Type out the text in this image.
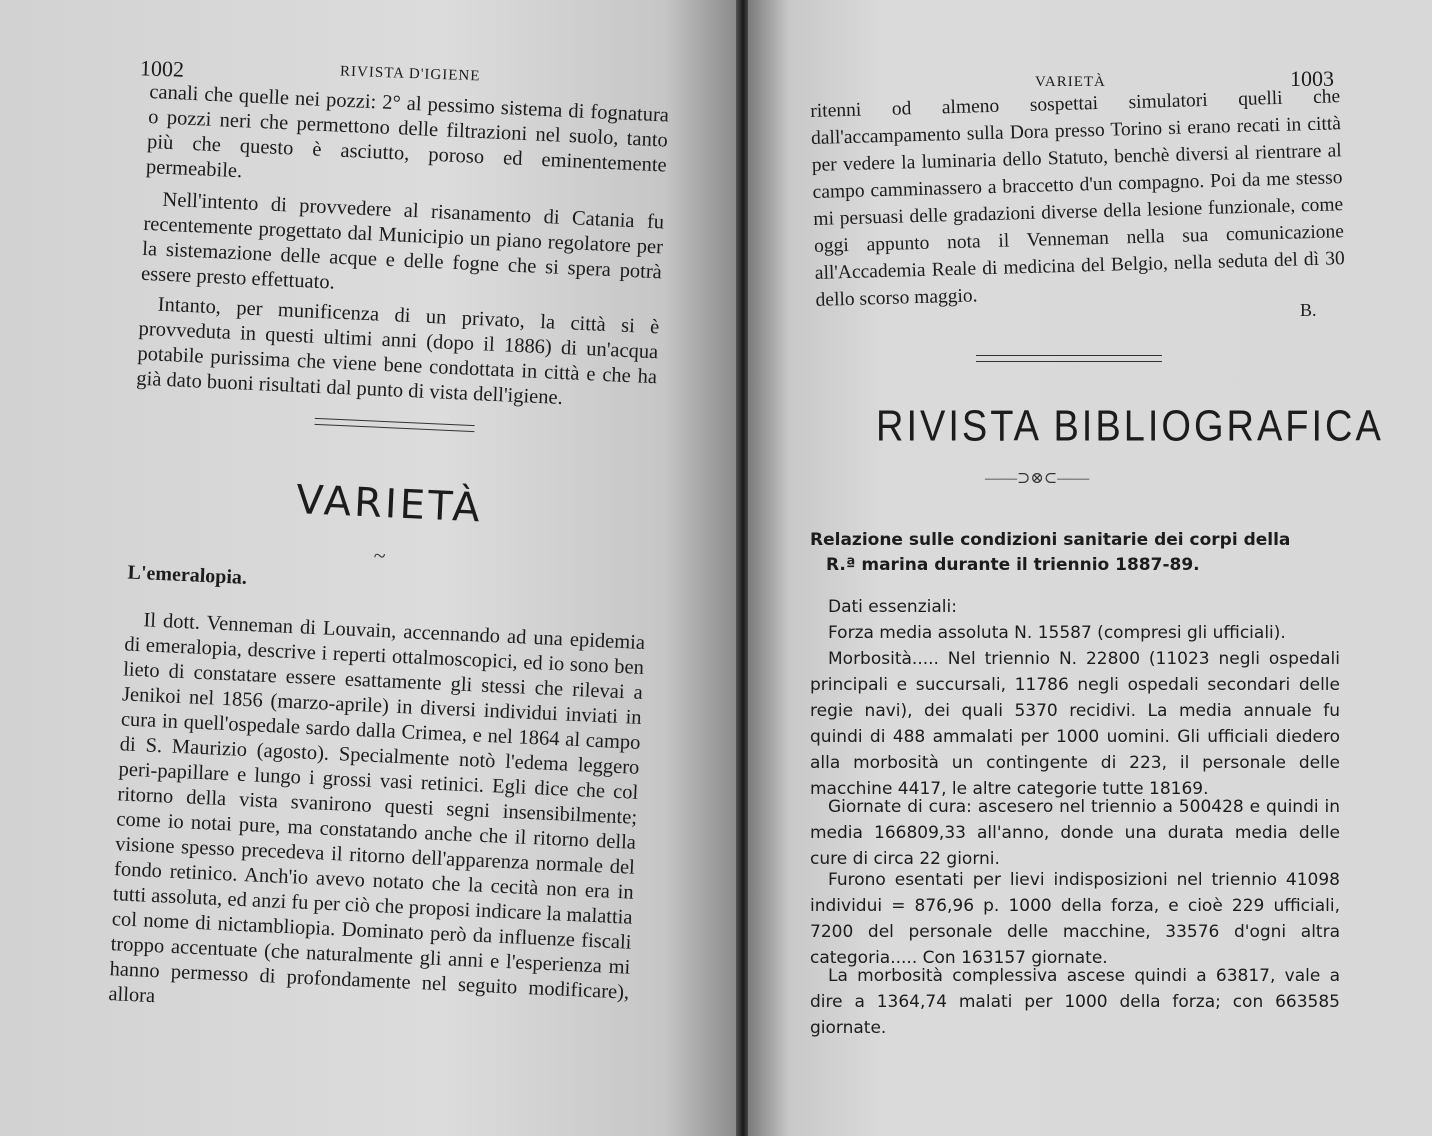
1002	RIVISTA D'IGIENE

canali che quelle nei pozzi: 2° al pessimo sistema di fognatura o pozzi neri che permettono delle filtrazioni nel suolo, tanto più che questo è asciutto, poroso ed eminentemente permeabile.

Nell'intento di provvedere al risanamento di Catania fu recentemente progettato dal Municipio un piano regolatore per la sistemazione delle acque e delle fogne che si spera potrà essere presto effettuato.

Intanto, per munificenza di un privato, la città si è provveduta in questi ultimi anni (dopo il 1886) di un'acqua potabile purissima che viene bene condottata in città e che ha già dato buoni risultati dal punto di vista dell'igiene.

VARIETÀ
~
L'emeralopia.

Il dott. Venneman di Louvain, accennando ad una epidemia di emeralopia, descrive i reperti ottalmoscopici, ed io sono ben lieto di constatare essere esattamente gli stessi che rilevai a Jenikoi nel 1856 (marzo-aprile) in diversi individui inviati in cura in quell'ospedale sardo dalla Crimea, e nel 1864 al campo di S. Maurizio (agosto). Specialmente notò l'edema leggero peri-papillare e lungo i grossi vasi retinici. Egli dice che col ritorno della vista svanirono questi segni insensibilmente; come io notai pure, ma constatando anche che il ritorno della visione spesso precedeva il ritorno dell'apparenza normale del fondo retinico. Anch'io avevo notato che la cecità non era in tutti assoluta, ed anzi fu per ciò che proposi indicare la malattia col nome di nictambliopia. Dominato però da influenze fiscali troppo accentuate (che naturalmente gli anni e l'esperienza mi hanno permesso di profondamente nel seguito modificare), allora

VARIETÀ	1003

ritenni od almeno sospettai simulatori quelli che dall'accampamento sulla Dora presso Torino si erano recati in città per vedere la luminaria dello Statuto, benchè diversi al rientrare al campo camminassero a braccetto d'un compagno. Poi da me stesso mi persuasi delle gradazioni diverse della lesione funzionale, come oggi appunto nota il Venneman nella sua comunicazione all'Accademia Reale di medicina del Belgio, nella seduta del dì 30 dello scorso maggio.	B.
RIVISTA BIBLIOGRAFICA
——⊃⊗⊂——
Relazione sulle condizioni sanitarie dei corpi della
R.ª marina durante il triennio 1887-89.

Dati essenziali:

Forza media assoluta N. 15587 (compresi gli ufficiali).

Morbosità..... Nel triennio N. 22800 (11023 negli ospedali principali e succursali, 11786 negli ospedali secondari delle regie navi), dei quali 5370 recidivi. La media annuale fu quindi di 488 ammalati per 1000 uomini. Gli ufficiali diedero alla morbosità un contingente di 223, il personale delle macchine 4417, le altre categorie tutte 18169.

Giornate di cura: ascesero nel triennio a 500428 e quindi in media 166809,33 all'anno, donde una durata media delle cure di circa 22 giorni.

Furono esentati per lievi indisposizioni nel triennio 41098 individui = 876,96 p. 1000 della forza, e cioè 229 ufficiali, 7200 del personale delle macchine, 33576 d'ogni altra categoria..... Con 163157 giornate.

La morbosità complessiva ascese quindi a 63817, vale a dire a 1364,74 malati per 1000 della forza; con 663585 giornate.
